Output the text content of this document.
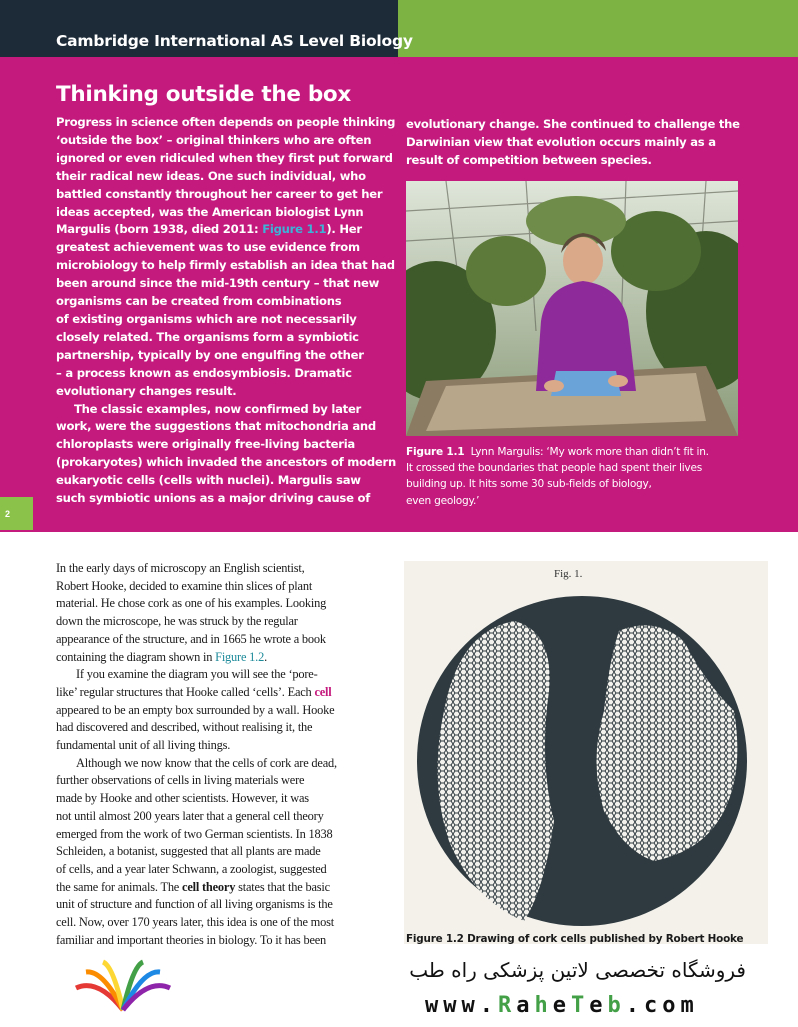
Cambridge International AS Level Biology
Thinking outside the box
Progress in science often depends on people thinking
‘outside the box’ – original thinkers who are often
ignored or even ridiculed when they first put forward
their radical new ideas. One such individual, who
battled constantly throughout her career to get her
ideas accepted, was the American biologist Lynn
Margulis (born 1938, died 2011: Figure 1.1). Her
greatest achievement was to use evidence from
microbiology to help firmly establish an idea that had
been around since the mid-19th century – that new
organisms can be created from combinations
of existing organisms which are not necessarily
closely related. The organisms form a symbiotic
partnership, typically by one engulfing the other
– a process known as endosymbiosis. Dramatic
evolutionary changes result.
The classic examples, now confirmed by later
work, were the suggestions that mitochondria and
chloroplasts were originally free-living bacteria
(prokaryotes) which invaded the ancestors of modern
eukaryotic cells (cells with nuclei). Margulis saw
such symbiotic unions as a major driving cause of
evolutionary change. She continued to challenge the
Darwinian view that evolution occurs mainly as a
result of competition between species.
Figure 1.1 Lynn Margulis: ‘My work more than didn’t fit in.
It crossed the boundaries that people had spent their lives
building up. It hits some 30 sub-fields of biology,
even geology.’
2
In the early days of microscopy an English scientist,
Robert Hooke, decided to examine thin slices of plant
material. He chose cork as one of his examples. Looking
down the microscope, he was struck by the regular
appearance of the structure, and in 1665 he wrote a book
containing the diagram shown in Figure 1.2.
If you examine the diagram you will see the ‘pore-
like’ regular structures that Hooke called ‘cells’. Each cell
appeared to be an empty box surrounded by a wall. Hooke
had discovered and described, without realising it, the
fundamental unit of all living things.
Although we now know that the cells of cork are dead,
further observations of cells in living materials were
made by Hooke and other scientists. However, it was
not until almost 200 years later that a general cell theory
emerged from the work of two German scientists. In 1838
Schleiden, a botanist, suggested that all plants are made
of cells, and a year later Schwann, a zoologist, suggested
the same for animals. The cell theory states that the basic
unit of structure and function of all living organisms is the
cell. Now, over 170 years later, this idea is one of the most
familiar and important theories in biology. To it has been
Fig. 1.
Figure 1.2 Drawing of cork cells published by Robert Hooke
فروشگاه تخصصی لاتین پزشکی راه طب
www.RaheTeb.com
